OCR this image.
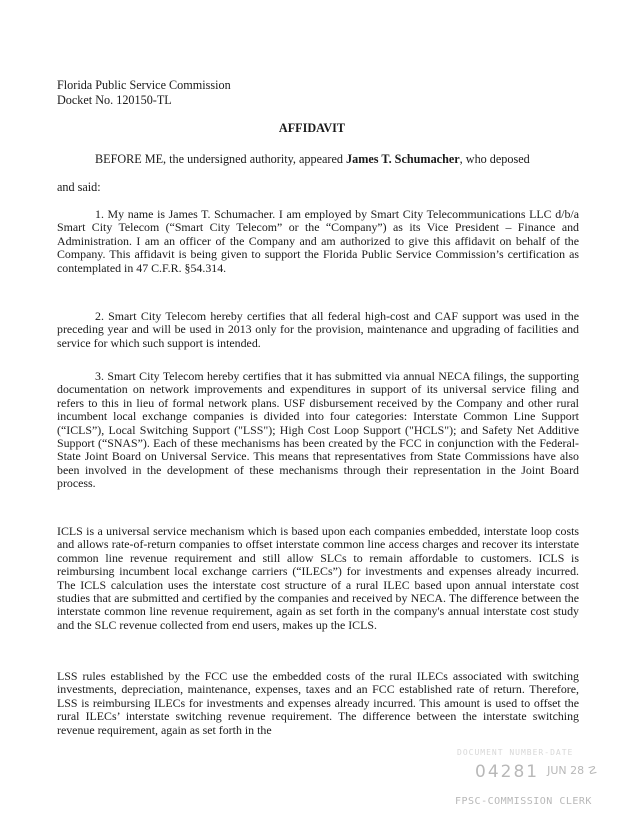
Florida Public Service Commission
Docket No. 120150-TL
AFFIDAVIT
BEFORE ME, the undersigned authority, appeared James T. Schumacher, who deposed
and said:

1. My name is James T. Schumacher. I am employed by Smart City Telecommunications LLC d/b/a Smart City Telecom (“Smart City Telecom” or the “Company”) as its Vice President – Finance and Administration. I am an officer of the Company and am authorized to give this affidavit on behalf of the Company. This affidavit is being given to support the Florida Public Service Commission’s certification as contemplated in 47 C.F.R. §54.314.

2. Smart City Telecom hereby certifies that all federal high-cost and CAF support was used in the preceding year and will be used in 2013 only for the provision, maintenance and upgrading of facilities and service for which such support is intended.

3. Smart City Telecom hereby certifies that it has submitted via annual NECA filings, the supporting documentation on network improvements and expenditures in support of its universal service filing and refers to this in lieu of formal network plans. USF disbursement received by the Company and other rural incumbent local exchange companies is divided into four categories: Interstate Common Line Support (“ICLS”), Local Switching Support ("LSS"); High Cost Loop Support ("HCLS"); and Safety Net Additive Support (“SNAS”). Each of these mechanisms has been created by the FCC in conjunction with the Federal-State Joint Board on Universal Service. This means that representatives from State Commissions have also been involved in the development of these mechanisms through their representation in the Joint Board process.

ICLS is a universal service mechanism which is based upon each companies embedded, interstate loop costs and allows rate-of-return companies to offset interstate common line access charges and recover its interstate common line revenue requirement and still allow SLCs to remain affordable to customers. ICLS is reimbursing incumbent local exchange carriers (“ILECs”) for investments and expenses already incurred. The ICLS calculation uses the interstate cost structure of a rural ILEC based upon annual interstate cost studies that are submitted and certified by the companies and received by NECA. The difference between the interstate common line revenue requirement, again as set forth in the company's annual interstate cost study and the SLC revenue collected from end users, makes up the ICLS.

LSS rules established by the FCC use the embedded costs of the rural ILECs associated with switching investments, depreciation, maintenance, expenses, taxes and an FCC established rate of return. Therefore, LSS is reimbursing ILECs for investments and expenses already incurred. This amount is used to offset the rural ILECs’ interstate switching revenue requirement. The difference between the interstate switching revenue requirement, again as set forth in the

DOCUMENT NUMBER-DATE
04281 JUN 28 ☡
FPSC-COMMISSION CLERK
